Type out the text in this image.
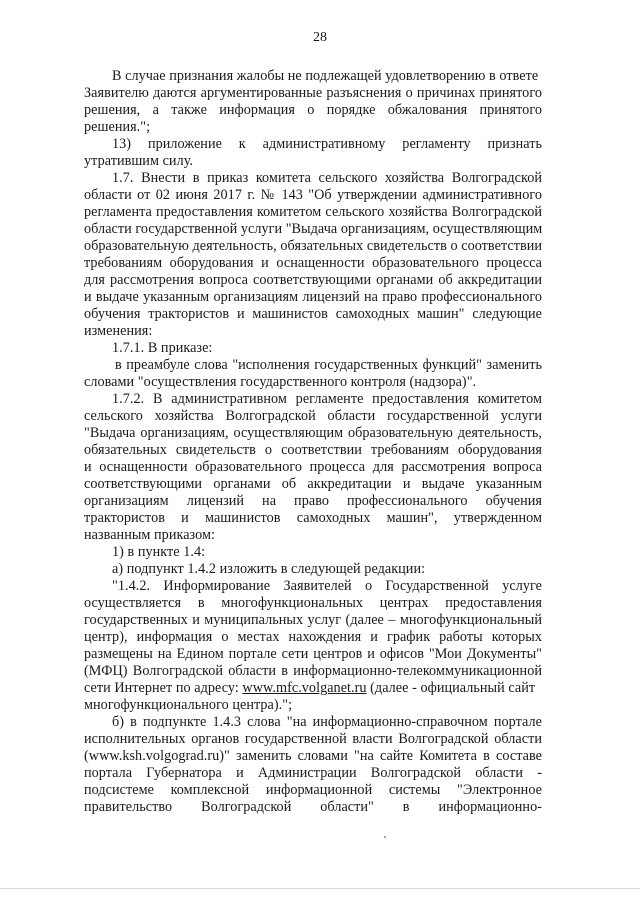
28
В случае признания жалобы не подлежащей удовлетворению в ответе
Заявителю даются аргументированные разъяснения о причинах принятого
решения, а также информация о порядке обжалования принятого
решения.";
13) приложение к административному регламенту признать
утратившим силу.
1.7. Внести в приказ комитета сельского хозяйства Волгоградской
области от 02 июня 2017 г. № 143 "Об утверждении административного
регламента предоставления комитетом сельского хозяйства Волгоградской
области государственной услуги "Выдача организациям, осуществляющим
образовательную деятельность, обязательных свидетельств о соответствии
требованиям оборудования и оснащенности образовательного процесса
для рассмотрения вопроса соответствующими органами об аккредитации
и выдаче указанным организациям лицензий на право профессионального
обучения трактористов и машинистов самоходных машин" следующие
изменения:
1.7.1. В приказе:
в преамбуле слова "исполнения государственных функций" заменить
словами "осуществления государственного контроля (надзора)".
1.7.2. В административном регламенте предоставления комитетом
сельского хозяйства Волгоградской области государственной услуги
"Выдача организациям, осуществляющим образовательную деятельность,
обязательных свидетельств о соответствии требованиям оборудования
и оснащенности образовательного процесса для рассмотрения вопроса
соответствующими органами об аккредитации и выдаче указанным
организациям лицензий на право профессионального обучения
трактористов и машинистов самоходных машин", утвержденном
названным приказом:
1) в пункте 1.4:
а) подпункт 1.4.2 изложить в следующей редакции:
"1.4.2. Информирование Заявителей о Государственной услуге
осуществляется в многофункциональных центрах предоставления
государственных и муниципальных услуг (далее – многофункциональный
центр), информация о местах нахождения и график работы которых
размещены на Едином портале сети центров и офисов "Мои Документы"
(МФЦ) Волгоградской области в информационно-телекоммуникационной
сети Интернет по адресу: www.mfc.volganet.ru (далее - официальный сайт
многофункционального центра).";
б) в подпункте 1.4.3 слова "на информационно-справочном портале
исполнительных органов государственной власти Волгоградской области
(www.ksh.volgograd.ru)" заменить словами "на сайте Комитета в составе
портала Губернатора и Администрации Волгоградской области -
подсистеме комплексной информационной системы "Электронное
правительство Волгоградской области" в информационно-
